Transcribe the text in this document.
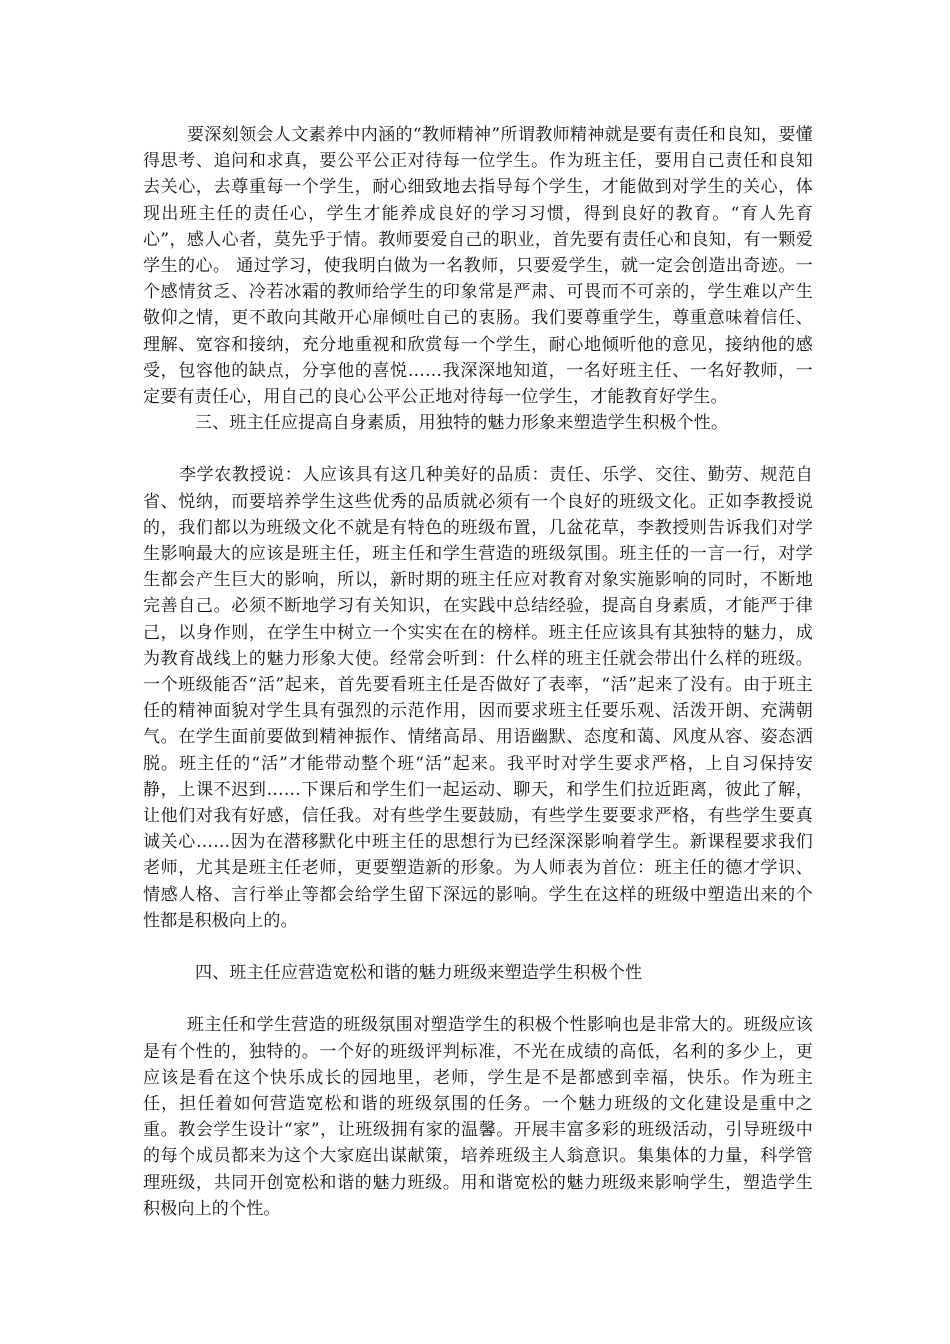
要深刻领会人文素养中内涵的“教师精神”所谓教师精神就是要有责任和良知，要懂得思考、追问和求真，要公平公正对待每一位学生。作为班主任，要用自己责任和良知去关心，去尊重每一个学生，耐心细致地去指导每个学生，才能做到对学生的关心，体现出班主任的责任心，学生才能养成良好的学习习惯，得到良好的教育。“育人先育心”，感人心者，莫先乎于情。教师要爱自己的职业，首先要有责任心和良知，有一颗爱学生的心。 通过学习，使我明白做为一名教师，只要爱学生，就一定会创造出奇迹。一个感情贫乏、冷若冰霜的教师给学生的印象常是严肃、可畏而不可亲的，学生难以产生敬仰之情，更不敢向其敞开心扉倾吐自己的衷肠。我们要尊重学生，尊重意味着信任、理解、宽容和接纳，充分地重视和欣赏每一个学生，耐心地倾听他的意见，接纳他的感受，包容他的缺点，分享他的喜悦……我深深地知道，一名好班主任、一名好教师，一定要有责任心，用自己的良心公平公正地对待每一位学生，才能教育好学生。

三、班主任应提高自身素质，用独特的魅力形象来塑造学生积极个性。

李学农教授说：人应该具有这几种美好的品质：责任、乐学、交往、勤劳、规范自省、悦纳，而要培养学生这些优秀的品质就必须有一个良好的班级文化。正如李教授说的，我们都以为班级文化不就是有特色的班级布置，几盆花草，李教授则告诉我们对学生影响最大的应该是班主任，班主任和学生营造的班级氛围。班主任的一言一行，对学生都会产生巨大的影响，所以，新时期的班主任应对教育对象实施影响的同时，不断地完善自己。必须不断地学习有关知识，在实践中总结经验，提高自身素质，才能严于律己，以身作则，在学生中树立一个实实在在的榜样。班主任应该具有其独特的魅力，成为教育战线上的魅力形象大使。经常会听到：什么样的班主任就会带出什么样的班级。一个班级能否“活”起来，首先要看班主任是否做好了表率，“活”起来了没有。由于班主任的精神面貌对学生具有强烈的示范作用，因而要求班主任要乐观、活泼开朗、充满朝气。在学生面前要做到精神振作、情绪高昂、用语幽默、态度和蔼、风度从容、姿态洒脱。班主任的“活”才能带动整个班“活”起来。我平时对学生要求严格，上自习保持安静，上课不迟到……下课后和学生们一起运动、聊天，和学生们拉近距离，彼此了解，让他们对我有好感，信任我。对有些学生要鼓励，有些学生要要求严格，有些学生要真诚关心……因为在潜移默化中班主任的思想行为已经深深影响着学生。新课程要求我们老师，尤其是班主任老师，更要塑造新的形象。为人师表为首位：班主任的德才学识、情感人格、言行举止等都会给学生留下深远的影响。学生在这样的班级中塑造出来的个性都是积极向上的。

四、班主任应营造宽松和谐的魅力班级来塑造学生积极个性

班主任和学生营造的班级氛围对塑造学生的积极个性影响也是非常大的。班级应该是有个性的，独特的。一个好的班级评判标准，不光在成绩的高低，名利的多少上，更应该是看在这个快乐成长的园地里，老师，学生是不是都感到幸福，快乐。作为班主任，担任着如何营造宽松和谐的班级氛围的任务。一个魅力班级的文化建设是重中之重。教会学生设计“家”，让班级拥有家的温馨。开展丰富多彩的班级活动，引导班级中的每个成员都来为这个大家庭出谋献策，培养班级主人翁意识。集集体的力量，科学管理班级，共同开创宽松和谐的魅力班级。用和谐宽松的魅力班级来影响学生，塑造学生积极向上的个性。
